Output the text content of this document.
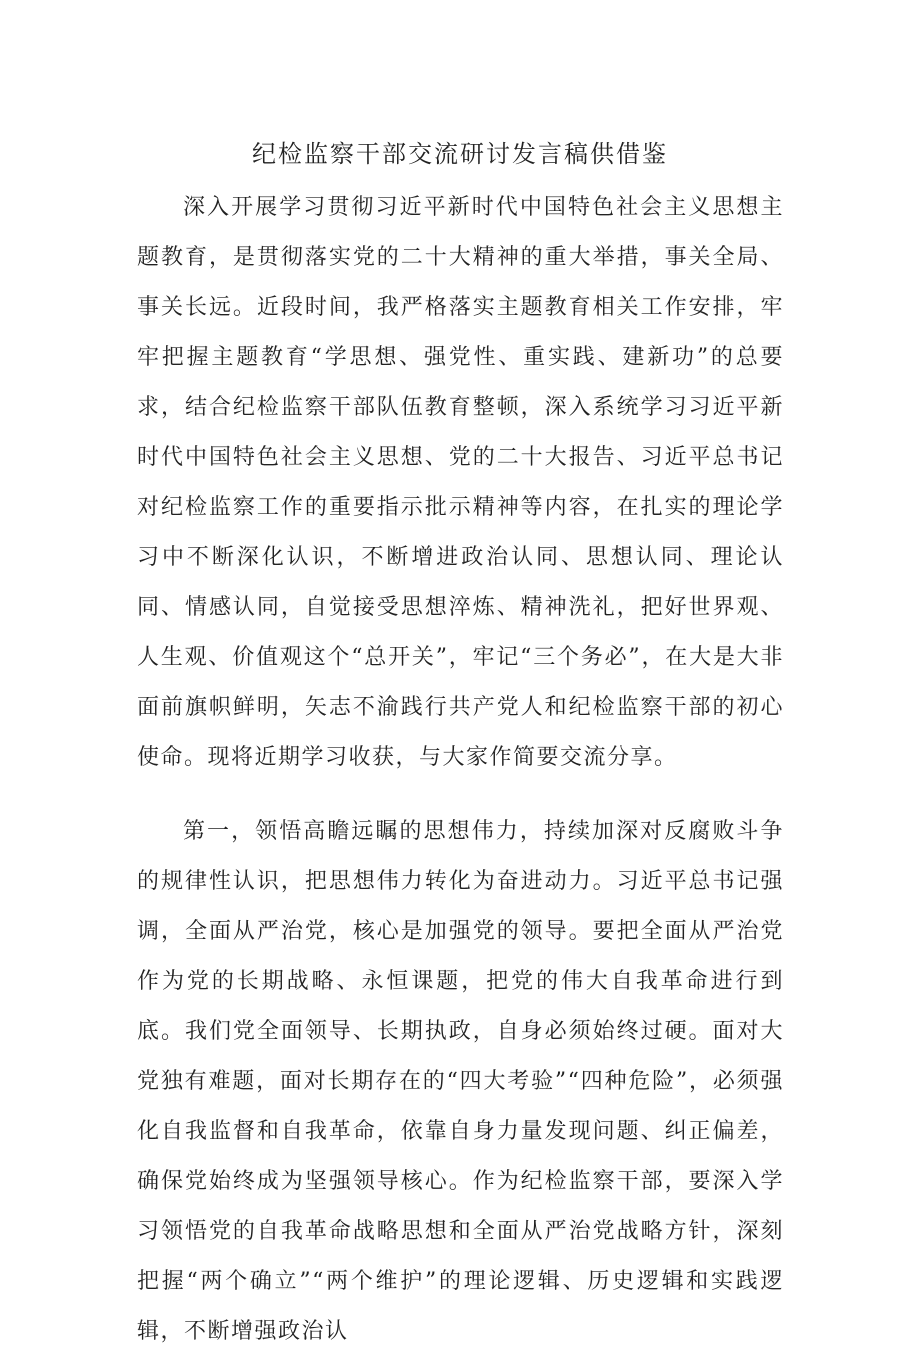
纪检监察干部交流研讨发言稿供借鉴

深入开展学习贯彻习近平新时代中国特色社会主义思想主题教育，是贯彻落实党的二十大精神的重大举措，事关全局、事关长远。近段时间，我严格落实主题教育相关工作安排，牢牢把握主题教育“学思想、强党性、重实践、建新功”的总要求，结合纪检监察干部队伍教育整顿，深入系统学习习近平新时代中国特色社会主义思想、党的二十大报告、习近平总书记对纪检监察工作的重要指示批示精神等内容，在扎实的理论学习中不断深化认识，不断增进政治认同、思想认同、理论认同、情感认同，自觉接受思想淬炼、精神洗礼，把好世界观、人生观、价值观这个“总开关”，牢记“三个务必”，在大是大非面前旗帜鲜明，矢志不渝践行共产党人和纪检监察干部的初心使命。现将近期学习收获，与大家作简要交流分享。

第一，领悟高瞻远瞩的思想伟力，持续加深对反腐败斗争的规律性认识，把思想伟力转化为奋进动力。习近平总书记强调，全面从严治党，核心是加强党的领导。要把全面从严治党作为党的长期战略、永恒课题，把党的伟大自我革命进行到底。我们党全面领导、长期执政，自身必须始终过硬。面对大党独有难题，面对长期存在的“四大考验”“四种危险”，必须强化自我监督和自我革命，依靠自身力量发现问题、纠正偏差，确保党始终成为坚强领导核心。作为纪检监察干部，要深入学习领悟党的自我革命战略思想和全面从严治党战略方针，深刻把握“两个确立”“两个维护”的理论逻辑、历史逻辑和实践逻辑，不断增强政治认
